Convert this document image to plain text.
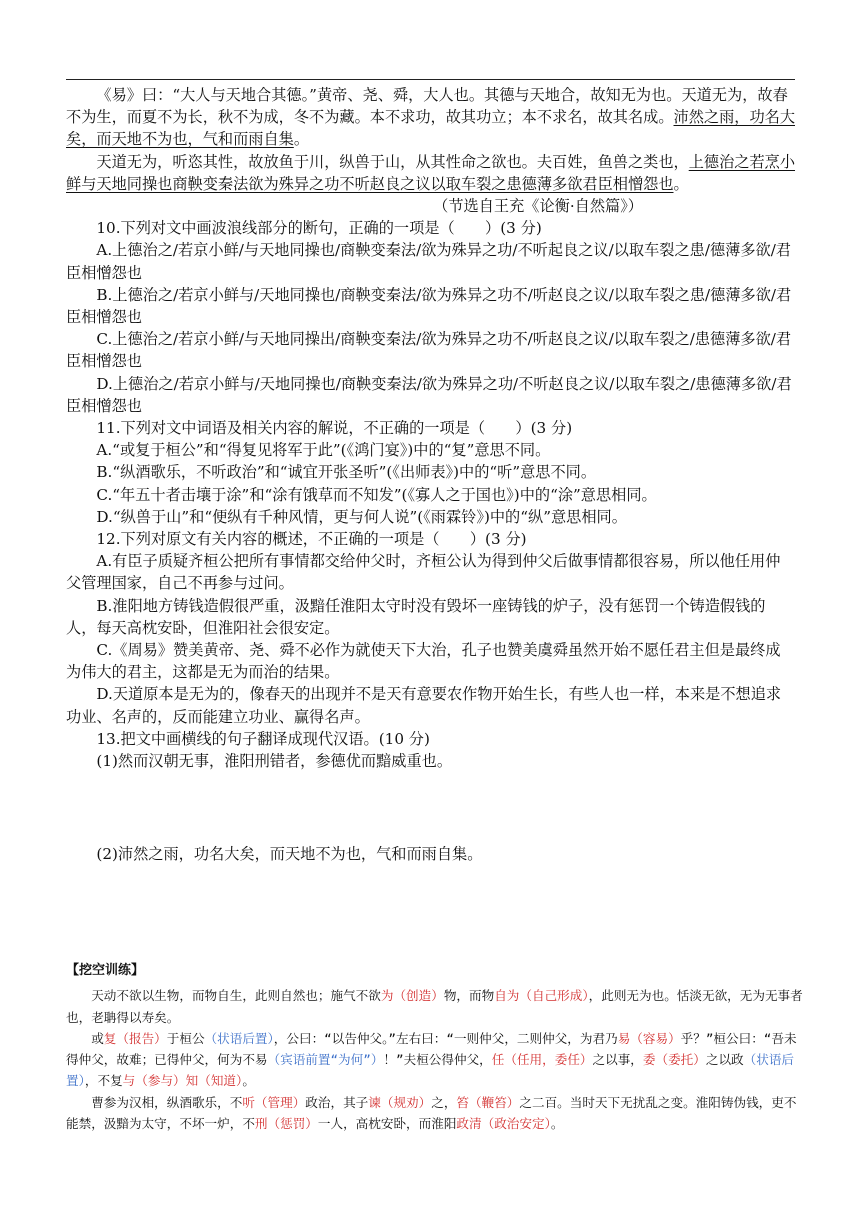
《易》曰：“大人与天地合其德。”黄帝、尧、舜，大人也。其德与天地合，故知无为也。天道无为，故春不为生，而夏不为长，秋不为成，冬不为藏。本不求功，故其功立；本不求名，故其名成。沛然之雨，功名大矣，而天地不为也，气和而雨自集。

天道无为，听恣其性，故放鱼于川，纵兽于山，从其性命之欲也。夫百姓，鱼兽之类也，上德治之若烹小鲜与天地同操也商鞅变秦法欲为殊异之功不听赵良之议以取车裂之患德薄多欲君臣相憎怨也。

（节选自王充《论衡·自然篇》）

10.下列对文中画波浪线部分的断句，正确的一项是（　　）(3 分)

A.上德治之/若京小鲜/与天地同操也/商鞅变秦法/欲为殊异之功/不听起良之议/以取车裂之患/德薄多欲/君臣相憎怨也

B.上德治之/若京小鲜与/天地同操也/商鞅变秦法/欲为殊异之功不/听赵良之议/以取车裂之患/德薄多欲/君臣相憎怨也

C.上德治之/若京小鲜/与天地同操出/商鞅变秦法/欲为殊异之功不/听赵良之议/以取车裂之/患德薄多欲/君臣相憎怨也

D.上德治之/若京小鲜与/天地同操也/商鞅变秦法/欲为殊异之功/不听赵良之议/以取车裂之/患德薄多欲/君臣相憎怨也

11.下列对文中词语及相关内容的解说，不正确的一项是（　　）(3 分)

A.“或复于桓公”和“得复见将军于此”(《鸿门宴》)中的“复”意思不同。

B.“纵酒歌乐，不听政治”和“诚宜开张圣听”(《出师表》)中的“听”意思不同。

C.“年五十者击壤于涂”和“涂有饿草而不知发”(《寡人之于国也》)中的“涂”意思相同。

D.“纵兽于山”和“便纵有千种风情，更与何人说”(《雨霖铃》)中的“纵”意思相同。

12.下列对原文有关内容的概述，不正确的一项是（　　）(3 分)

A.有臣子质疑齐桓公把所有事情都交给仲父时，齐桓公认为得到仲父后做事情都很容易，所以他任用仲父管理国家，自己不再参与过问。

B.淮阳地方铸钱造假很严重，汲黯任淮阳太守时没有毁坏一座铸钱的炉子，没有惩罚一个铸造假钱的人，每天高枕安卧，但淮阳社会很安定。

C.《周易》赞美黄帝、尧、舜不必作为就使天下大治，孔子也赞美虞舜虽然开始不愿任君主但是最终成为伟大的君主，这都是无为而治的结果。

D.天道原本是无为的，像春天的出现并不是天有意要农作物开始生长，有些人也一样，本来是不想追求功业、名声的，反而能建立功业、赢得名声。

13.把文中画横线的句子翻译成现代汉语。(10 分)

(1)然而汉朝无事，淮阳刑错者，参德优而黯威重也。

(2)沛然之雨，功名大矣，而天地不为也，气和而雨自集。

【挖空训练】

天动不欲以生物，而物自生，此则自然也；施气不欲为（创造）物，而物自为（自己形成），此则无为也。恬淡无欲，无为无事者也，老聃得以寿矣。

或复（报告）于桓公（状语后置），公曰：“以告仲父。”左右曰：“一则仲父，二则仲父，为君乃易（容易）乎？”桓公曰：“吾未得仲父，故难；已得仲父，何为不易（宾语前置“为何”）！”夫桓公得仲父，任（任用，委任）之以事，委（委托）之以政（状语后置），不复与（参与）知（知道）。

曹参为汉相，纵酒歌乐，不听（管理）政治，其子谏（规劝）之，笞（鞭笞）之二百。当时天下无扰乱之变。淮阳铸伪钱，吏不能禁，汲黯为太守，不坏一炉，不刑（惩罚）一人，高枕安卧，而淮阳政清（政治安定）。
